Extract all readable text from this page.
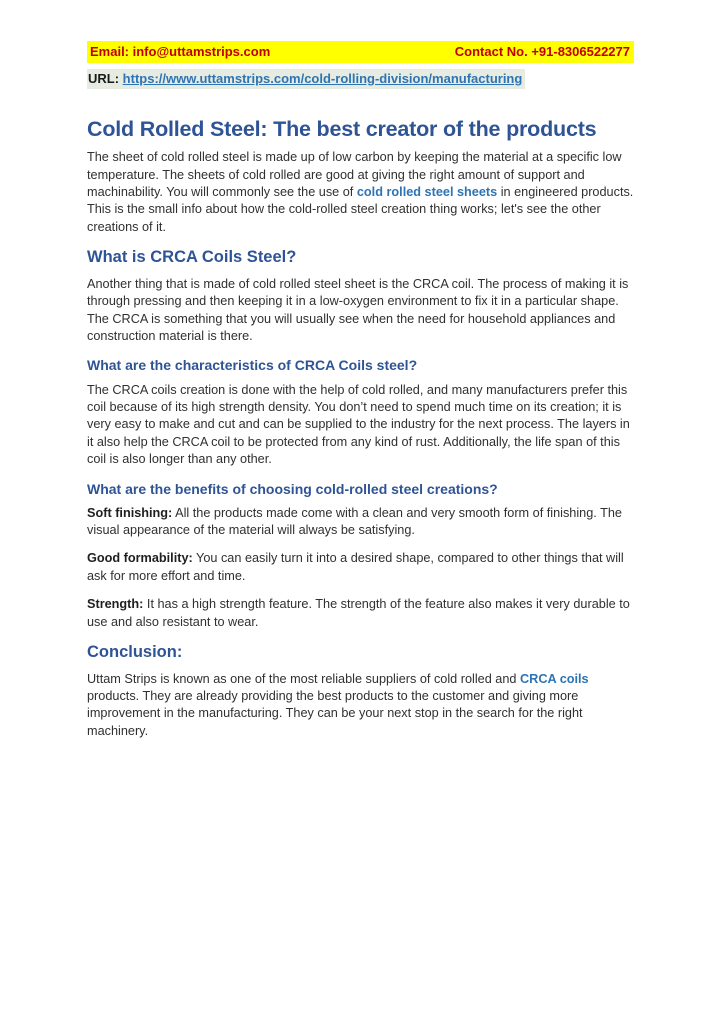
Email: info@uttamstrips.com	Contact No. +91-8306522277
URL: https://www.uttamstrips.com/cold-rolling-division/manufacturing
Cold Rolled Steel: The best creator of the products

The sheet of cold rolled steel is made up of low carbon by keeping the material at a specific low temperature. The sheets of cold rolled are good at giving the right amount of support and machinability. You will commonly see the use of cold rolled steel sheets in engineered products. This is the small info about how the cold-rolled steel creation thing works; let's see the other creations of it.

What is CRCA Coils Steel?

Another thing that is made of cold rolled steel sheet is the CRCA coil. The process of making it is through pressing and then keeping it in a low-oxygen environment to fix it in a particular shape. The CRCA is something that you will usually see when the need for household appliances and construction material is there.

What are the characteristics of CRCA Coils steel?

The CRCA coils creation is done with the help of cold rolled, and many manufacturers prefer this coil because of its high strength density. You don’t need to spend much time on its creation; it is very easy to make and cut and can be supplied to the industry for the next process. The layers in it also help the CRCA coil to be protected from any kind of rust. Additionally, the life span of this coil is also longer than any other.

What are the benefits of choosing cold-rolled steel creations?

Soft finishing: All the products made come with a clean and very smooth form of finishing. The visual appearance of the material will always be satisfying.

Good formability: You can easily turn it into a desired shape, compared to other things that will ask for more effort and time.

Strength: It has a high strength feature. The strength of the feature also makes it very durable to use and also resistant to wear.

Conclusion:

Uttam Strips is known as one of the most reliable suppliers of cold rolled and CRCA coils products. They are already providing the best products to the customer and giving more improvement in the manufacturing. They can be your next stop in the search for the right machinery.
